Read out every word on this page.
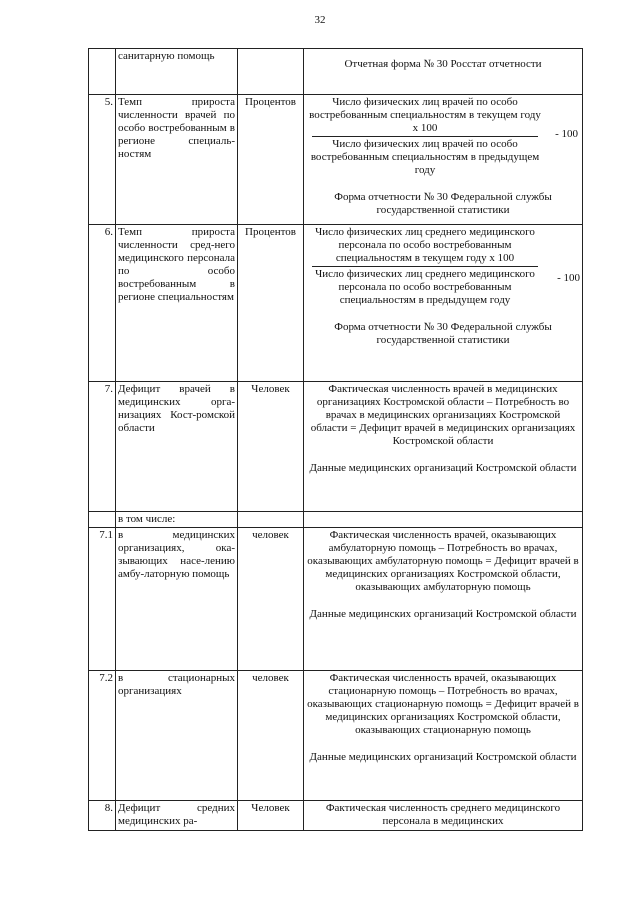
32
	санитарную помощь		Отчетная форма № 30 Росстат отчетности

5.	Темп прироста численности врачей по особо востребованным в регионе специаль-ностям	Процентов	Число физических лиц врачей по особо востребованным специальностям в текущем году x 100
Число физических лиц врачей по особо востребованным специальностям в предыдущем году
- 100
Форма отчетности № 30 Федеральной службы государственной статистики

6.	Темп прироста численности сред-него медицинского персонала по особо востребованным в регионе специальностям	Процентов	Число физических лиц среднего медицинского персонала по особо востребованным специальностям в текущем году x 100
Число физических лиц среднего медицинского персонала по особо востребованным специальностям в предыдущем году
- 100
Форма отчетности № 30 Федеральной службы государственной статистики

7.	Дефицит врачей в медицинских орга-низациях Кост-ромской области	Человек	Фактическая численность врачей в медицинских организациях Костромской области – Потребность во врачах в медицинских организациях Костромской области = Дефицит врачей в медицинских организациях Костромской области
Данные медицинских организаций Костромской области

	в том числе:		
7.1	в медицинских организациях, ока-зывающих насе-лению амбу-латорную помощь	человек	Фактическая численность врачей, оказывающих амбулаторную помощь – Потребность во врачах, оказывающих амбулаторную помощь = Дефицит врачей в медицинских организациях Костромской области, оказывающих амбулаторную помощь
Данные медицинских организаций Костромской области

7.2	в стационарных организациях	человек	Фактическая численность врачей, оказывающих стационарную помощь – Потребность во врачах, оказывающих стационарную помощь = Дефицит врачей в медицинских организациях Костромской области, оказывающих стационарную помощь
Данные медицинских организаций Костромской области

8.	Дефицит средних медицинских ра-	Человек	Фактическая численность среднего медицинского персонала в медицинских
